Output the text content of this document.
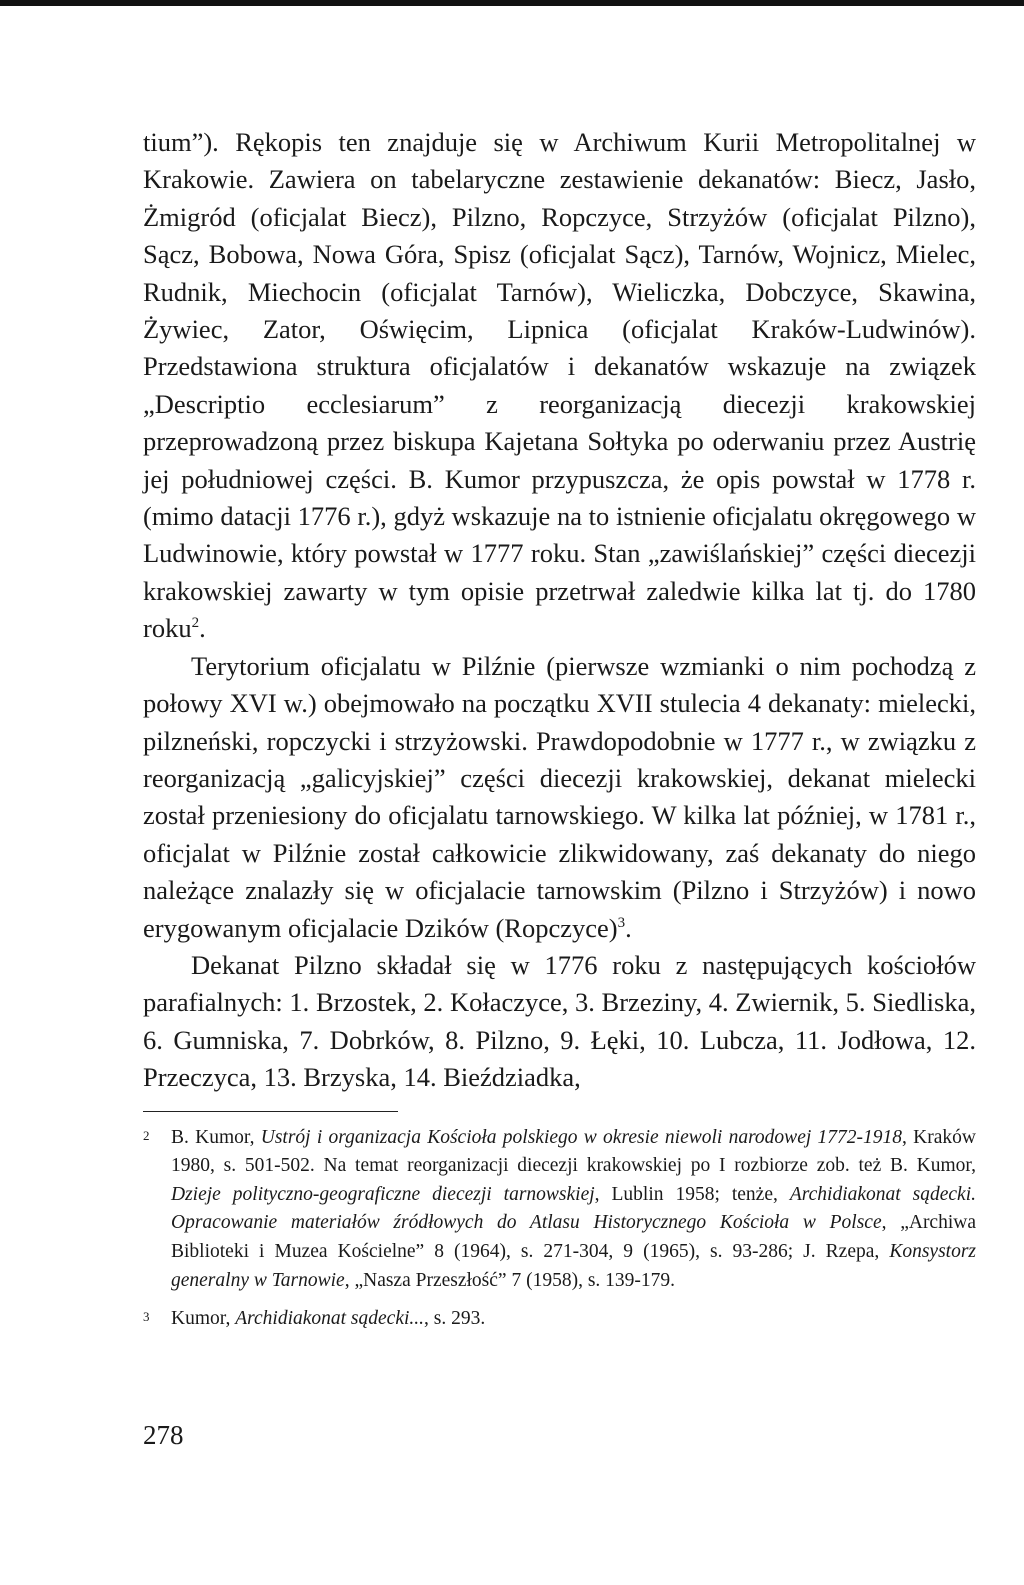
tium”). Rękopis ten znajduje się w Archiwum Kurii Metropolitalnej w Krakowie. Zawiera on tabelaryczne zestawienie dekanatów: Biecz, Jasło, Żmigród (oficjalat Biecz), Pilzno, Ropczyce, Strzyżów (oficjalat Pilzno), Sącz, Bobowa, Nowa Góra, Spisz (oficjalat Sącz), Tarnów, Wojnicz, Mielec, Rudnik, Miechocin (oficjalat Tarnów), Wieliczka, Dobczyce, Skawina, Żywiec, Zator, Oświęcim, Lipnica (oficjalat Kraków-Ludwinów). Przedstawiona struktura oficjalatów i dekanatów wskazuje na związek „Descriptio ecclesiarum” z reorganizacją diecezji krakowskiej przeprowadzoną przez biskupa Kajetana Sołtyka po oderwaniu przez Austrię jej południowej części. B. Kumor przypuszcza, że opis powstał w 1778 r. (mimo datacji 1776 r.), gdyż wskazuje na to istnienie oficjalatu okręgowego w Ludwinowie, który powstał w 1777 roku. Stan „zawiślańskiej” części diecezji krakowskiej zawarty w tym opisie przetrwał zaledwie kilka lat tj. do 1780 roku$^2$.

Terytorium oficjalatu w Pilźnie (pierwsze wzmianki o nim pochodzą z połowy XVI w.) obejmowało na początku XVII stulecia 4 dekanaty: mielecki, pilzneński, ropczycki i strzyżowski. Prawdopodobnie w 1777 r., w związku z reorganizacją „galicyjskiej” części diecezji krakowskiej, dekanat mielecki został przeniesiony do oficjalatu tarnowskiego. W kilka lat później, w 1781 r., oficjalat w Pilźnie został całkowicie zlikwidowany, zaś dekanaty do niego należące znalazły się w oficjalacie tarnowskim (Pilzno i Strzyżów) i nowo erygowanym oficjalacie Dzików (Ropczyce)$^3$.

Dekanat Pilzno składał się w 1776 roku z następujących kościołów parafialnych: 1. Brzostek, 2. Kołaczyce, 3. Brzeziny, 4. Zwiernik, 5. Siedliska, 6. Gumniska, 7. Dobrków, 8. Pilzno, 9. Łęki, 10. Lubcza, 11. Jodłowa, 12. Przeczyca, 13. Brzyska, 14. Bieździadka,

2 B. Kumor, Ustrój i organizacja Kościoła polskiego w okresie niewoli narodowej 1772-1918, Kraków 1980, s. 501-502. Na temat reorganizacji diecezji krakowskiej po I rozbiorze zob. też B. Kumor, Dzieje polityczno-geograficzne diecezji tarnowskiej, Lublin 1958; tenże, Archidiakonat sądecki. Opracowanie materiałów źródłowych do Atlasu Historycznego Kościoła w Polsce, „Archiwa Biblioteki i Muzea Kościelne” 8 (1964), s. 271-304, 9 (1965), s. 93-286; J. Rzepa, Konsystorz generalny w Tarnowie, „Nasza Przeszłość” 7 (1958), s. 139-179.

3 Kumor, Archidiakonat sądecki..., s. 293.

278
